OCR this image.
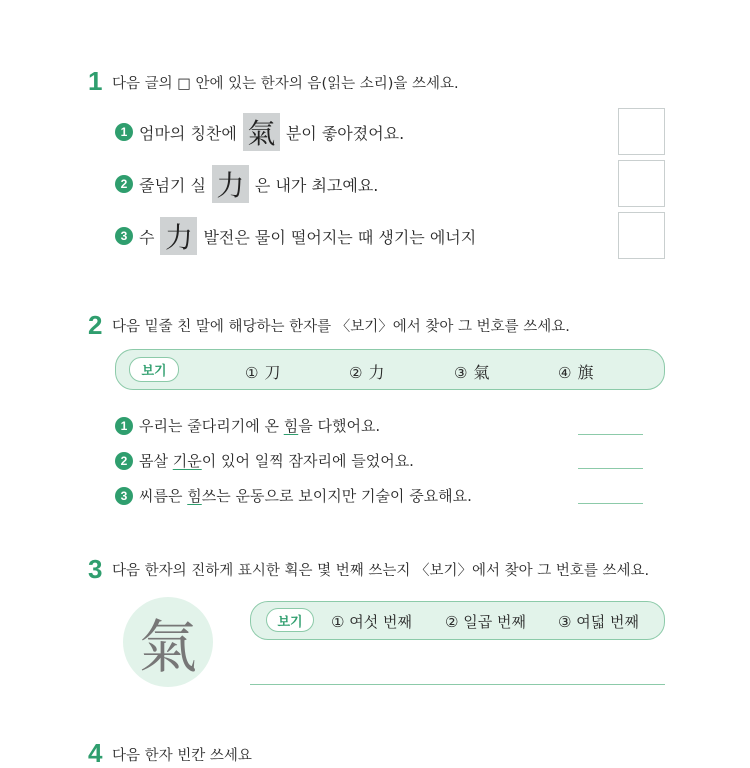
1 다음 글의 □ 안에 있는 한자의 음(읽는 소리)을 쓰세요.
1 엄마의 칭찬에 氣 분이 좋아졌어요.
2 줄넘기 실 力 은 내가 최고예요.
3 수 力 발전은 물이 떨어지는 때 생기는 에너지
2 다음 밑줄 친 말에 해당하는 한자를 〈보기〉에서 찾아 그 번호를 쓰세요.
보기	① 刀	② 力	③ 氣	④ 旗
1 우리는 줄다리기에 온 힘 을 다했어요.
2 몸살 기운 이 있어 일찍 잠자리에 들었어요.
3 씨름은 힘 쓰는 운동으로 보이지만 기술이 중요해요.
3 다음 한자의 진하게 표시한 획은 몇 번째 쓰는지 〈보기〉에서 찾아 그 번호를 쓰세요.
氣	보기	① 여섯 번째 ② 일곱 번째 ③ 여덟 번째
4 다음 한자 빈칸 쓰세요
